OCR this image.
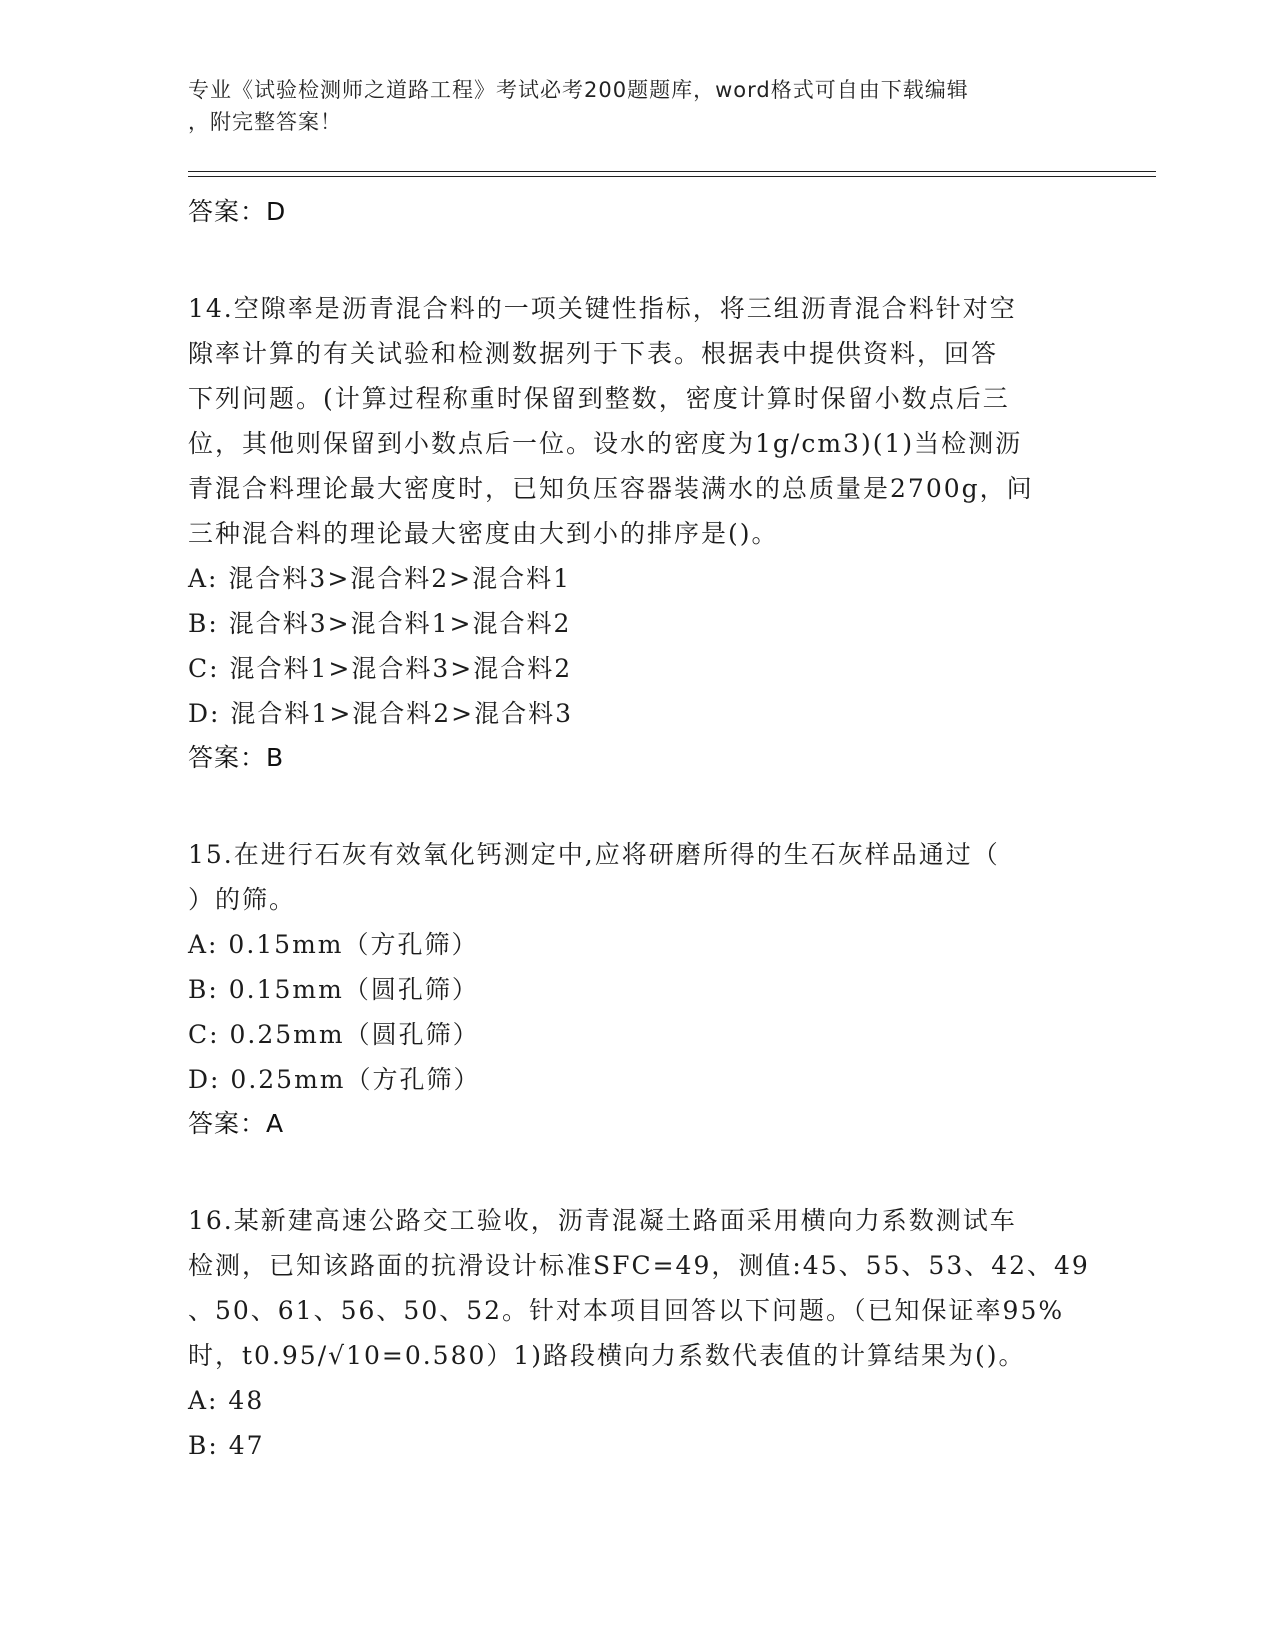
专业《试验检测师之道路工程》考试必考200题题库，word格式可自由下载编辑
，附完整答案！
答案：D
14.空隙率是沥青混合料的一项关键性指标，将三组沥青混合料针对空
隙率计算的有关试验和检测数据列于下表。根据表中提供资料，回答
下列问题。(计算过程称重时保留到整数，密度计算时保留小数点后三
位，其他则保留到小数点后一位。设水的密度为1g/cm3)(1)当检测沥
青混合料理论最大密度时，已知负压容器装满水的总质量是2700g，问
三种混合料的理论最大密度由大到小的排序是()。
A: 混合料3>混合料2>混合料1
B: 混合料3>混合料1>混合料2
C: 混合料1>混合料3>混合料2
D: 混合料1>混合料2>混合料3
答案：B
15.在进行石灰有效氧化钙测定中,应将研磨所得的生石灰样品通过（
）的筛。
A: 0.15mm（方孔筛）
B: 0.15mm（圆孔筛）
C: 0.25mm（圆孔筛）
D: 0.25mm（方孔筛）
答案：A
16.某新建高速公路交工验收，沥青混凝土路面采用横向力系数测试车
检测，已知该路面的抗滑设计标准SFC=49，测值:45、55、53、42、49
、50、61、56、50、52。针对本项目回答以下问题。（已知保证率95%
时，t0.95/√10=0.580）1)路段横向力系数代表值的计算结果为()。
A: 48
B: 47
